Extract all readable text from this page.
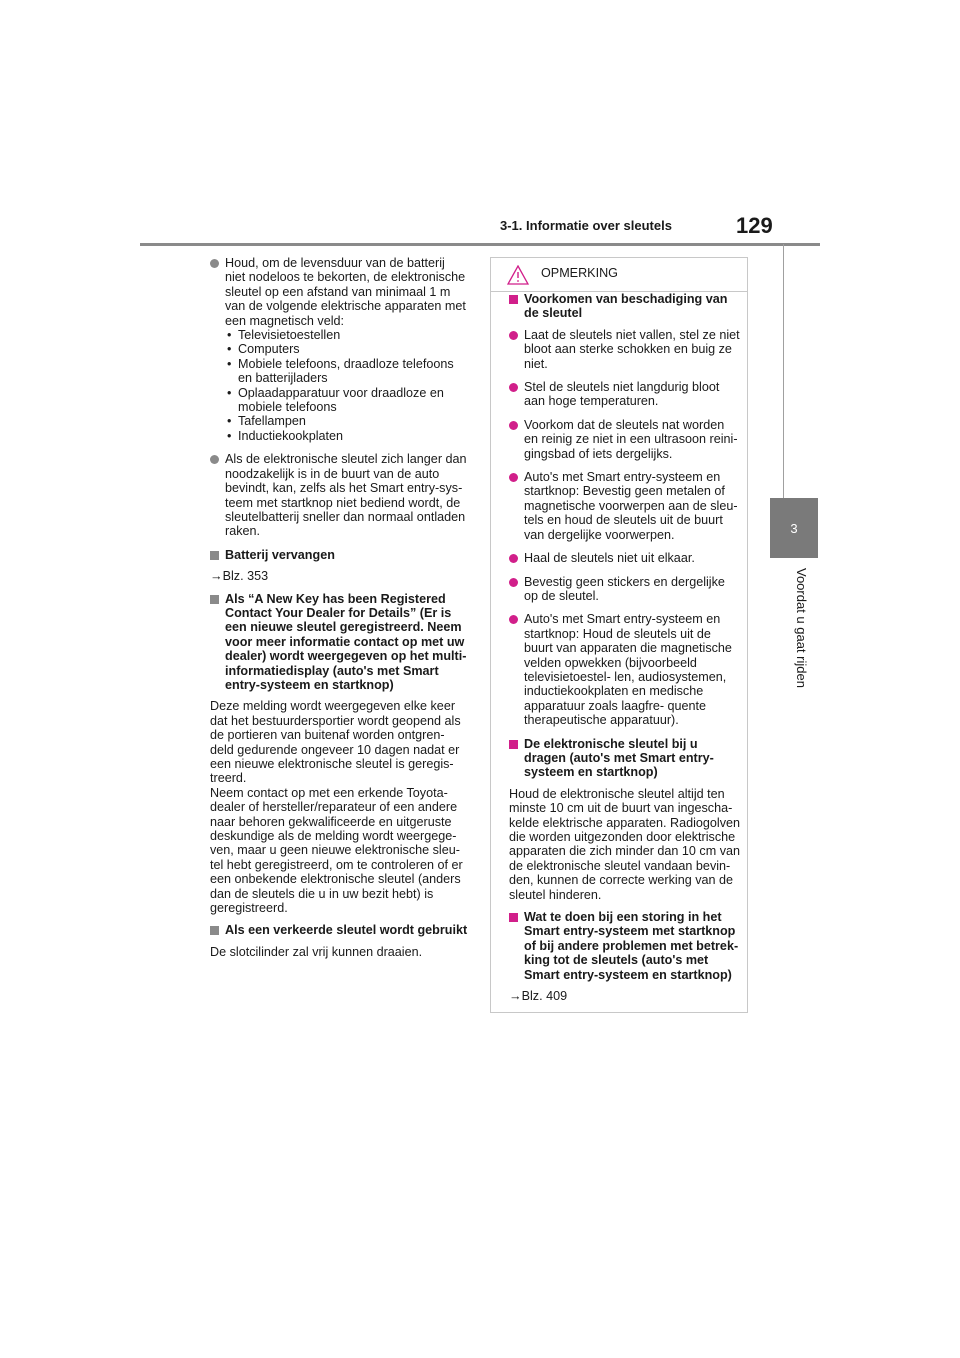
3-1. Informatie over sleutels	129
3
Voordat u gaat rijden

Houd, om de levensduur van de batterij niet nodeloos te bekorten, de elektronische sleutel op een afstand van minimaal 1 m van de volgende elektrische apparaten met een magnetisch veld:

• Televisietoestellen
• Computers
• Mobiele telefoons, draadloze telefoons en batterijladers
• Oplaadapparatuur voor draadloze en mobiele telefoons
• Tafellampen
• Inductiekookplaten

Als de elektronische sleutel zich langer dan noodzakelijk is in de buurt van de auto bevindt, kan, zelfs als het Smart entry-sys- teem met startknop niet bediend wordt, de sleutelbatterij sneller dan normaal ontladen raken.

Batterij vervangen

→Blz. 353

Als “A New Key has been Registered Contact Your Dealer for Details” (Er is een nieuwe sleutel geregistreerd. Neem voor meer informatie contact op met uw dealer) wordt weergegeven op het multi-informatiedisplay (auto's met Smart entry-systeem en startknop)

Deze melding wordt weergegeven elke keer dat het bestuurdersportier wordt geopend als de portieren van buitenaf worden ontgren- deld gedurende ongeveer 10 dagen nadat er een nieuwe elektronische sleutel is geregis- treerd.

Neem contact op met een erkende Toyota- dealer of hersteller/reparateur of een andere naar behoren gekwalificeerde en uitgeruste deskundige als de melding wordt weergege- ven, maar u geen nieuwe elektronische sleu- tel hebt geregistreerd, om te controleren of er een onbekende elektronische sleutel (anders dan de sleutels die u in uw bezit hebt) is geregistreerd.

Als een verkeerde sleutel wordt gebruikt

De slotcilinder zal vrij kunnen draaien.

OPMERKING
Voorkomen van beschadiging van de sleutel

Laat de sleutels niet vallen, stel ze niet bloot aan sterke schokken en buig ze niet.

Stel de sleutels niet langdurig bloot aan hoge temperaturen.

Voorkom dat de sleutels nat worden en reinig ze niet in een ultrasoon reini- gingsbad of iets dergelijks.

Auto's met Smart entry-systeem en startknop: Bevestig geen metalen of magnetische voorwerpen aan de sleu- tels en houd de sleutels uit de buurt van dergelijke voorwerpen.

Haal de sleutels niet uit elkaar.

Bevestig geen stickers en dergelijke op de sleutel.

Auto's met Smart entry-systeem en startknop: Houd de sleutels uit de buurt van apparaten die magnetische velden opwekken (bijvoorbeeld televisietoestel- len, audiosystemen, inductiekookplaten en medische apparatuur zoals laagfre- quente therapeutische apparatuur).

De elektronische sleutel bij u dragen (auto's met Smart entry-systeem en startknop)

Houd de elektronische sleutel altijd ten minste 10 cm uit de buurt van ingescha- kelde elektrische apparaten. Radiogolven die worden uitgezonden door elektrische apparaten die zich minder dan 10 cm van de elektronische sleutel vandaan bevin- den, kunnen de correcte werking van de sleutel hinderen.

Wat te doen bij een storing in het Smart entry-systeem met startknop of bij andere problemen met betrek- king tot de sleutels (auto's met Smart entry-systeem en startknop)

→Blz. 409
